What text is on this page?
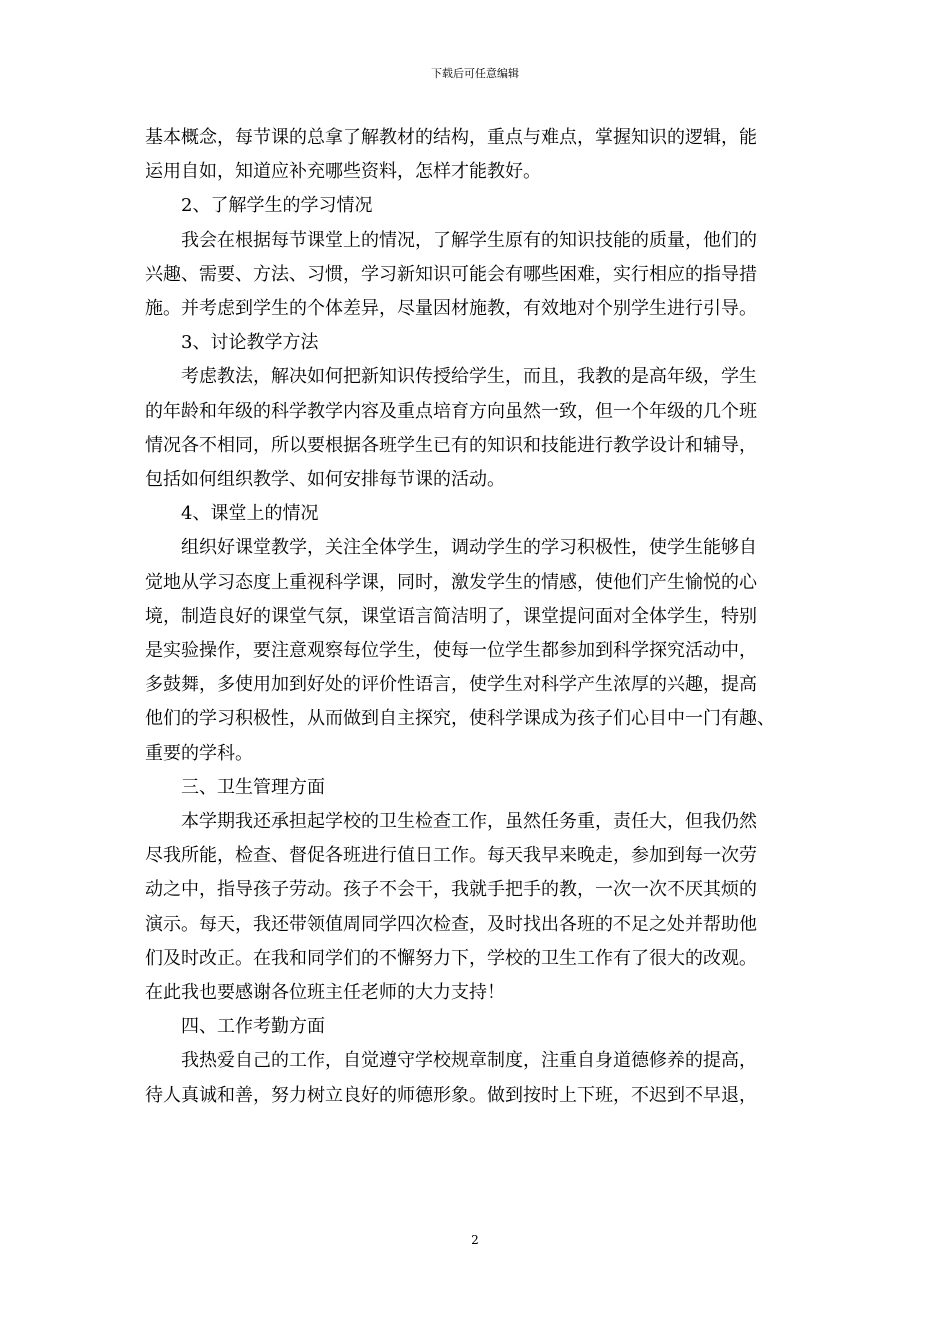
下载后可任意编辑

基本概念，每节课的总拿了解教材的结构，重点与难点，掌握知识的逻辑，能

运用自如，知道应补充哪些资料，怎样才能教好。

2、了解学生的学习情况

我会在根据每节课堂上的情况，了解学生原有的知识技能的质量，他们的

兴趣、需要、方法、习惯，学习新知识可能会有哪些困难，实行相应的指导措

施。并考虑到学生的个体差异，尽量因材施教，有效地对个别学生进行引导。

3、讨论教学方法

考虑教法，解决如何把新知识传授给学生，而且，我教的是高年级，学生

的年龄和年级的科学教学内容及重点培育方向虽然一致，但一个年级的几个班

情况各不相同，所以要根据各班学生已有的知识和技能进行教学设计和辅导，

包括如何组织教学、如何安排每节课的活动。

4、课堂上的情况

组织好课堂教学，关注全体学生，调动学生的学习积极性，使学生能够自

觉地从学习态度上重视科学课，同时，激发学生的情感，使他们产生愉悦的心

境，制造良好的课堂气氛，课堂语言简洁明了，课堂提问面对全体学生，特别

是实验操作，要注意观察每位学生，使每一位学生都参加到科学探究活动中，

多鼓舞，多使用加到好处的评价性语言，使学生对科学产生浓厚的兴趣，提高

他们的学习积极性，从而做到自主探究，使科学课成为孩子们心目中一门有趣、

重要的学科。

三、卫生管理方面

本学期我还承担起学校的卫生检查工作，虽然任务重，责任大，但我仍然

尽我所能，检查、督促各班进行值日工作。每天我早来晚走，参加到每一次劳

动之中，指导孩子劳动。孩子不会干，我就手把手的教，一次一次不厌其烦的

演示。每天，我还带领值周同学四次检查，及时找出各班的不足之处并帮助他

们及时改正。在我和同学们的不懈努力下，学校的卫生工作有了很大的改观。

在此我也要感谢各位班主任老师的大力支持！

四、工作考勤方面

我热爱自己的工作，自觉遵守学校规章制度，注重自身道德修养的提高，

待人真诚和善，努力树立良好的师德形象。做到按时上下班，不迟到不早退，

2
